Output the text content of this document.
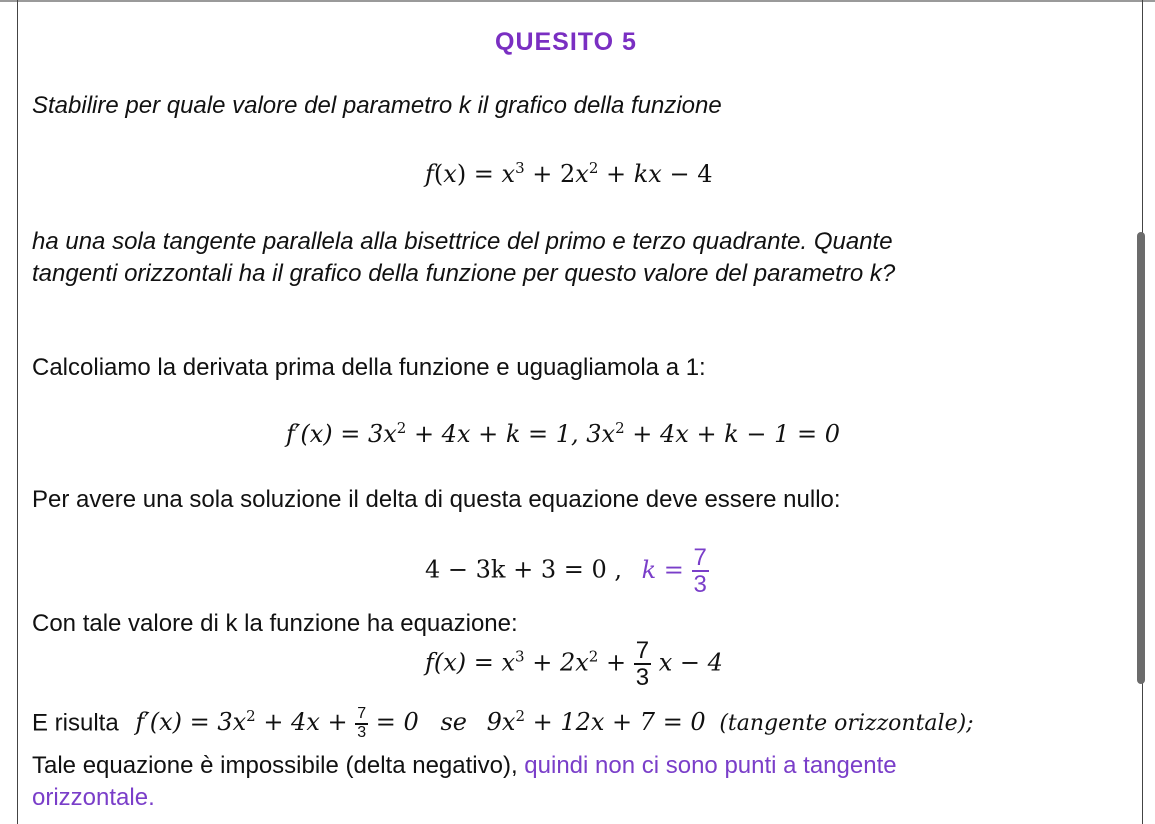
QUESITO 5
Stabilire per quale valore del parametro k il grafico della funzione
$f(x) = x^3 + 2x^2$ + kx − 4
ha una sola tangente parallela alla bisettrice del primo e terzo quadrante. Quante
tangenti orizzontali ha il grafico della funzione per questo valore del parametro k?
Calcoliamo la derivata prima della funzione e uguagliamola a 1:
$f'(x) = 3x^2 + 4x + k = 1$, $3x^2 + 4x + k - 1 = 0$
Per avere una sola soluzione il delta di questa equazione deve essere nullo:
4 − 3k + 3 = 0 , $k = \frac{7}{3}$
Con tale valore di k la funzione ha equazione:
$f(x) = x^3 + 2x^2 + \frac{7}{3}$ x − 4
E risulta $f'(x) = 3x^2 + 4x + \frac{7}{3} = 0$ se $9x^2 + 12x + 7 = 0$ (tangente orizzontale);
Tale equazione è impossibile (delta negativo), quindi non ci sono punti a tangente
orizzontale.
